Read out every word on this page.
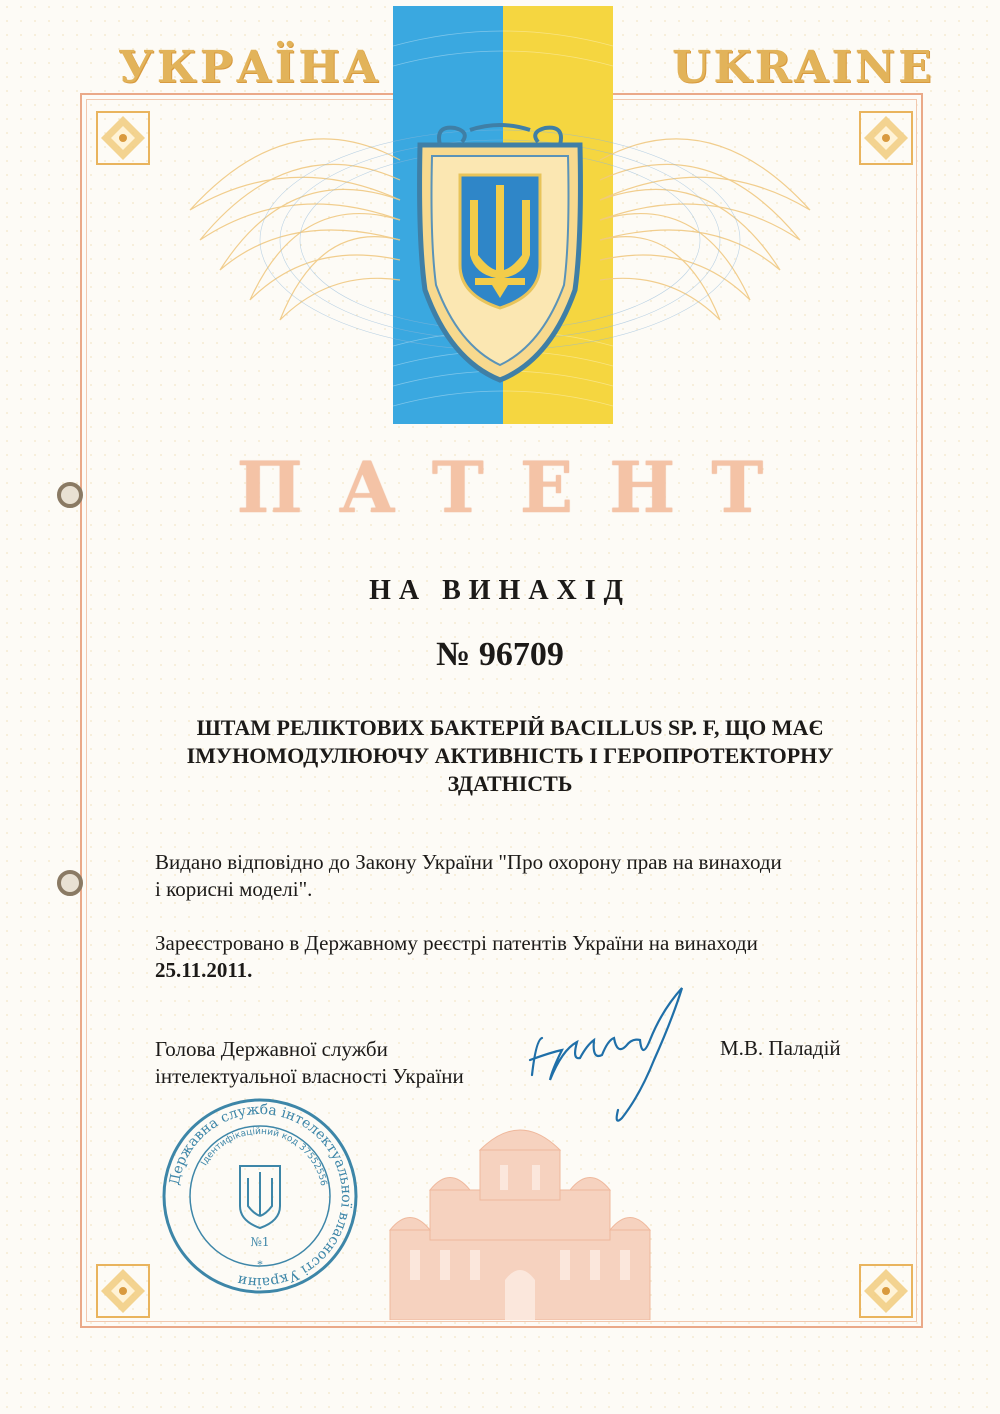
УКРАЇНА	UKRAINE
ПАТЕНТ
НА ВИНАХІД
№ 96709
ШТАМ РЕЛІКТОВИХ БАКТЕРІЙ BACILLUS SP. F, ЩО МАЄ
ІМУНОМОДУЛЮЮЧУ АКТИВНІСТЬ І ГЕРОПРОТЕКТОРНУ
ЗДАТНІСТЬ
Видано відповідно до Закону України "Про охорону прав на винаходи
і корисні моделі".
Зареєстровано в Державному реєстрі патентів України на винаходи
25.11.2011.
Голова Державної служби
інтелектуальної власності України
М.В. Паладій
Державна служба інтелектуальної власності України
Ідентифікаційний код 37552556
№1
*
